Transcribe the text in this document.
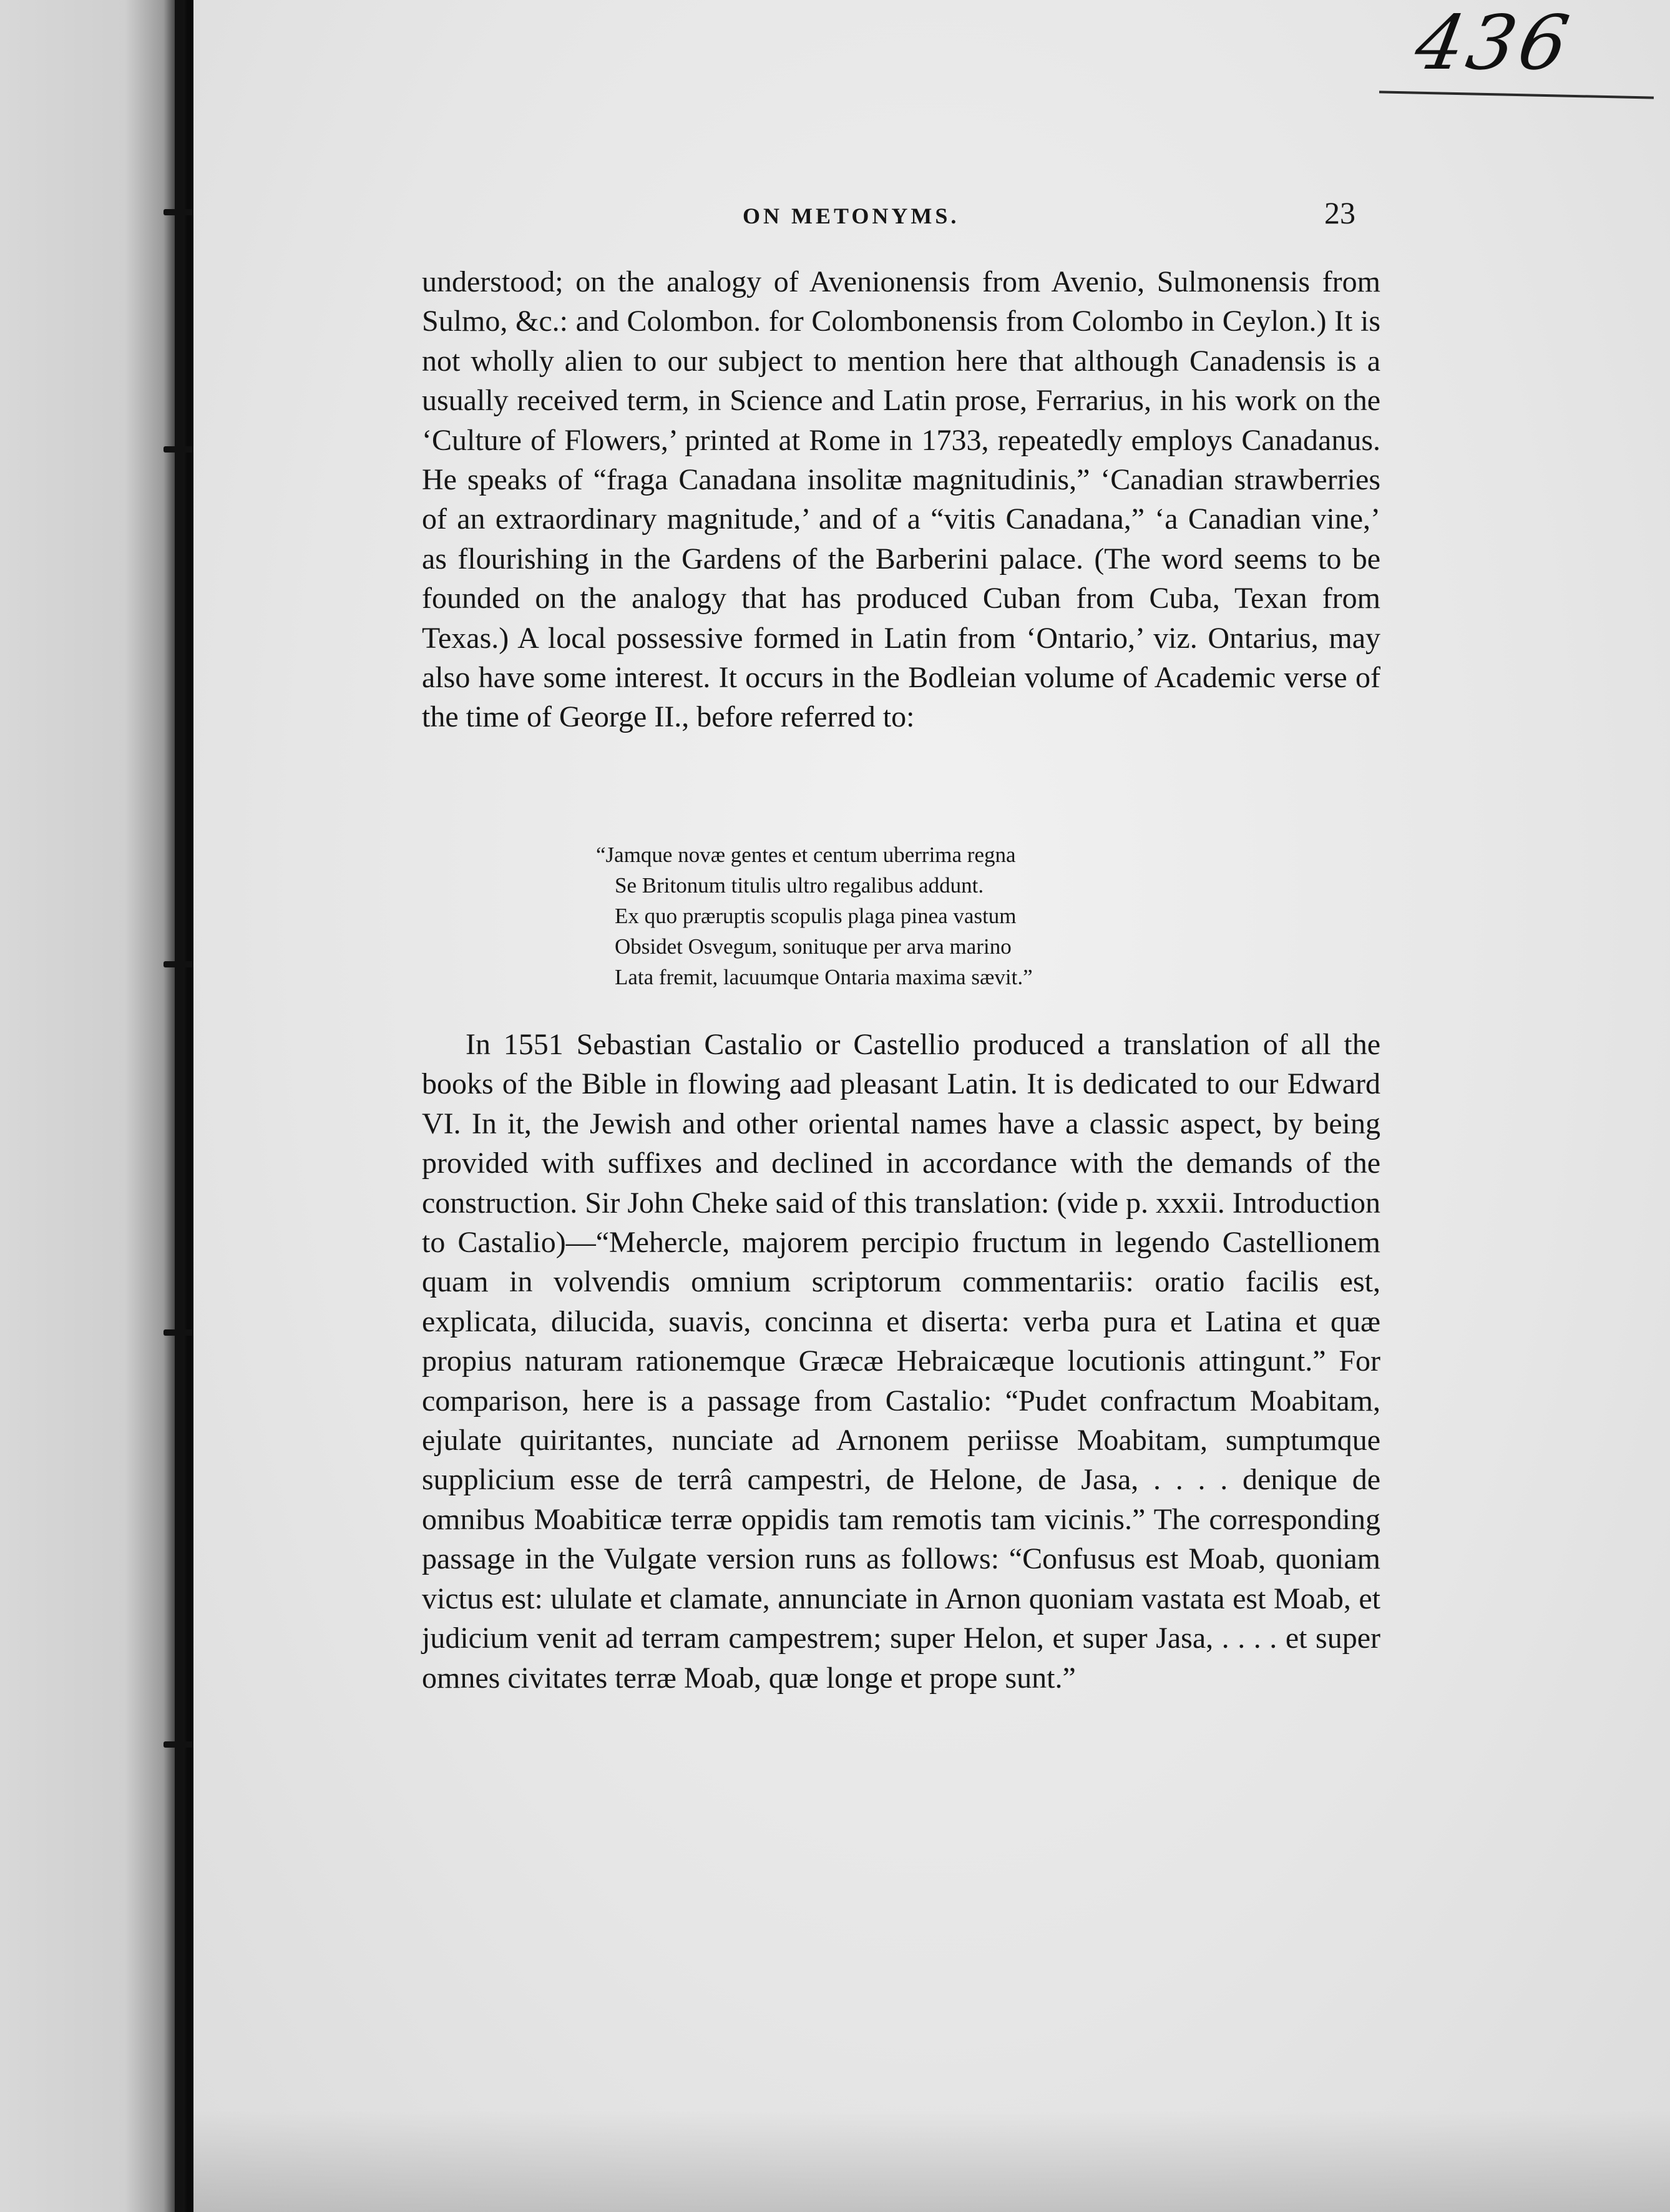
436
ON METONYMS.	23

understood; on the analogy of Avenionensis from Avenio, Sulmonensis from Sulmo, &c.: and Colombon. for Colombonensis from Colombo in Ceylon.) It is not wholly alien to our subject to mention here that although Canadensis is a usually received term, in Science and Latin prose, Ferrarius, in his work on the ‘Culture of Flowers,’ printed at Rome in 1733, repeatedly employs Canadanus. He speaks of “fraga Canadana insolitæ magnitudinis,” ‘Canadian strawberries of an extraordinary magnitude,’ and of a “vitis Canadana,” ‘a Canadian vine,’ as flourishing in the Gardens of the Barberini palace. (The word seems to be founded on the analogy that has produced Cuban from Cuba, Texan from Texas.) A local possessive formed in Latin from ‘Ontario,’ viz. Ontarius, may also have some interest. It occurs in the Bodleian volume of Academic verse of the time of George II., before referred to:

“Jamque novæ gentes et centum uberrima regna
Se Britonum titulis ultro regalibus addunt.
Ex quo præruptis scopulis plaga pinea vastum
Obsidet Osvegum, sonituque per arva marino
Lata fremit, lacuumque Ontaria maxima sævit.”

In 1551 Sebastian Castalio or Castellio produced a translation of all the books of the Bible in flowing aad pleasant Latin. It is dedicated to our Edward VI. In it, the Jewish and other oriental names have a classic aspect, by being provided with suffixes and declined in accordance with the demands of the construction. Sir John Cheke said of this translation: (vide p. xxxii. Introduction to Castalio)—“Mehercle, majorem percipio fructum in legendo Castellionem quam in volvendis omnium scriptorum commentariis: oratio facilis est, explicata, dilucida, suavis, concinna et diserta: verba pura et Latina et quæ propius naturam rationemque Græcæ Hebraicæque locutionis attingunt.” For comparison, here is a passage from Castalio: “Pudet confractum Moabitam, ejulate quiritantes, nunciate ad Arnonem periisse Moabitam, sumptumque supplicium esse de terrâ campestri, de Helone, de Jasa, . . . . denique de omnibus Moabiticæ terræ oppidis tam remotis tam vicinis.” The corresponding passage in the Vulgate version runs as follows: “Confusus est Moab, quoniam victus est: ululate et clamate, annunciate in Arnon quoniam vastata est Moab, et judicium venit ad terram campestrem; super Helon, et super Jasa, . . . . et super omnes civitates terræ Moab, quæ longe et prope sunt.”
